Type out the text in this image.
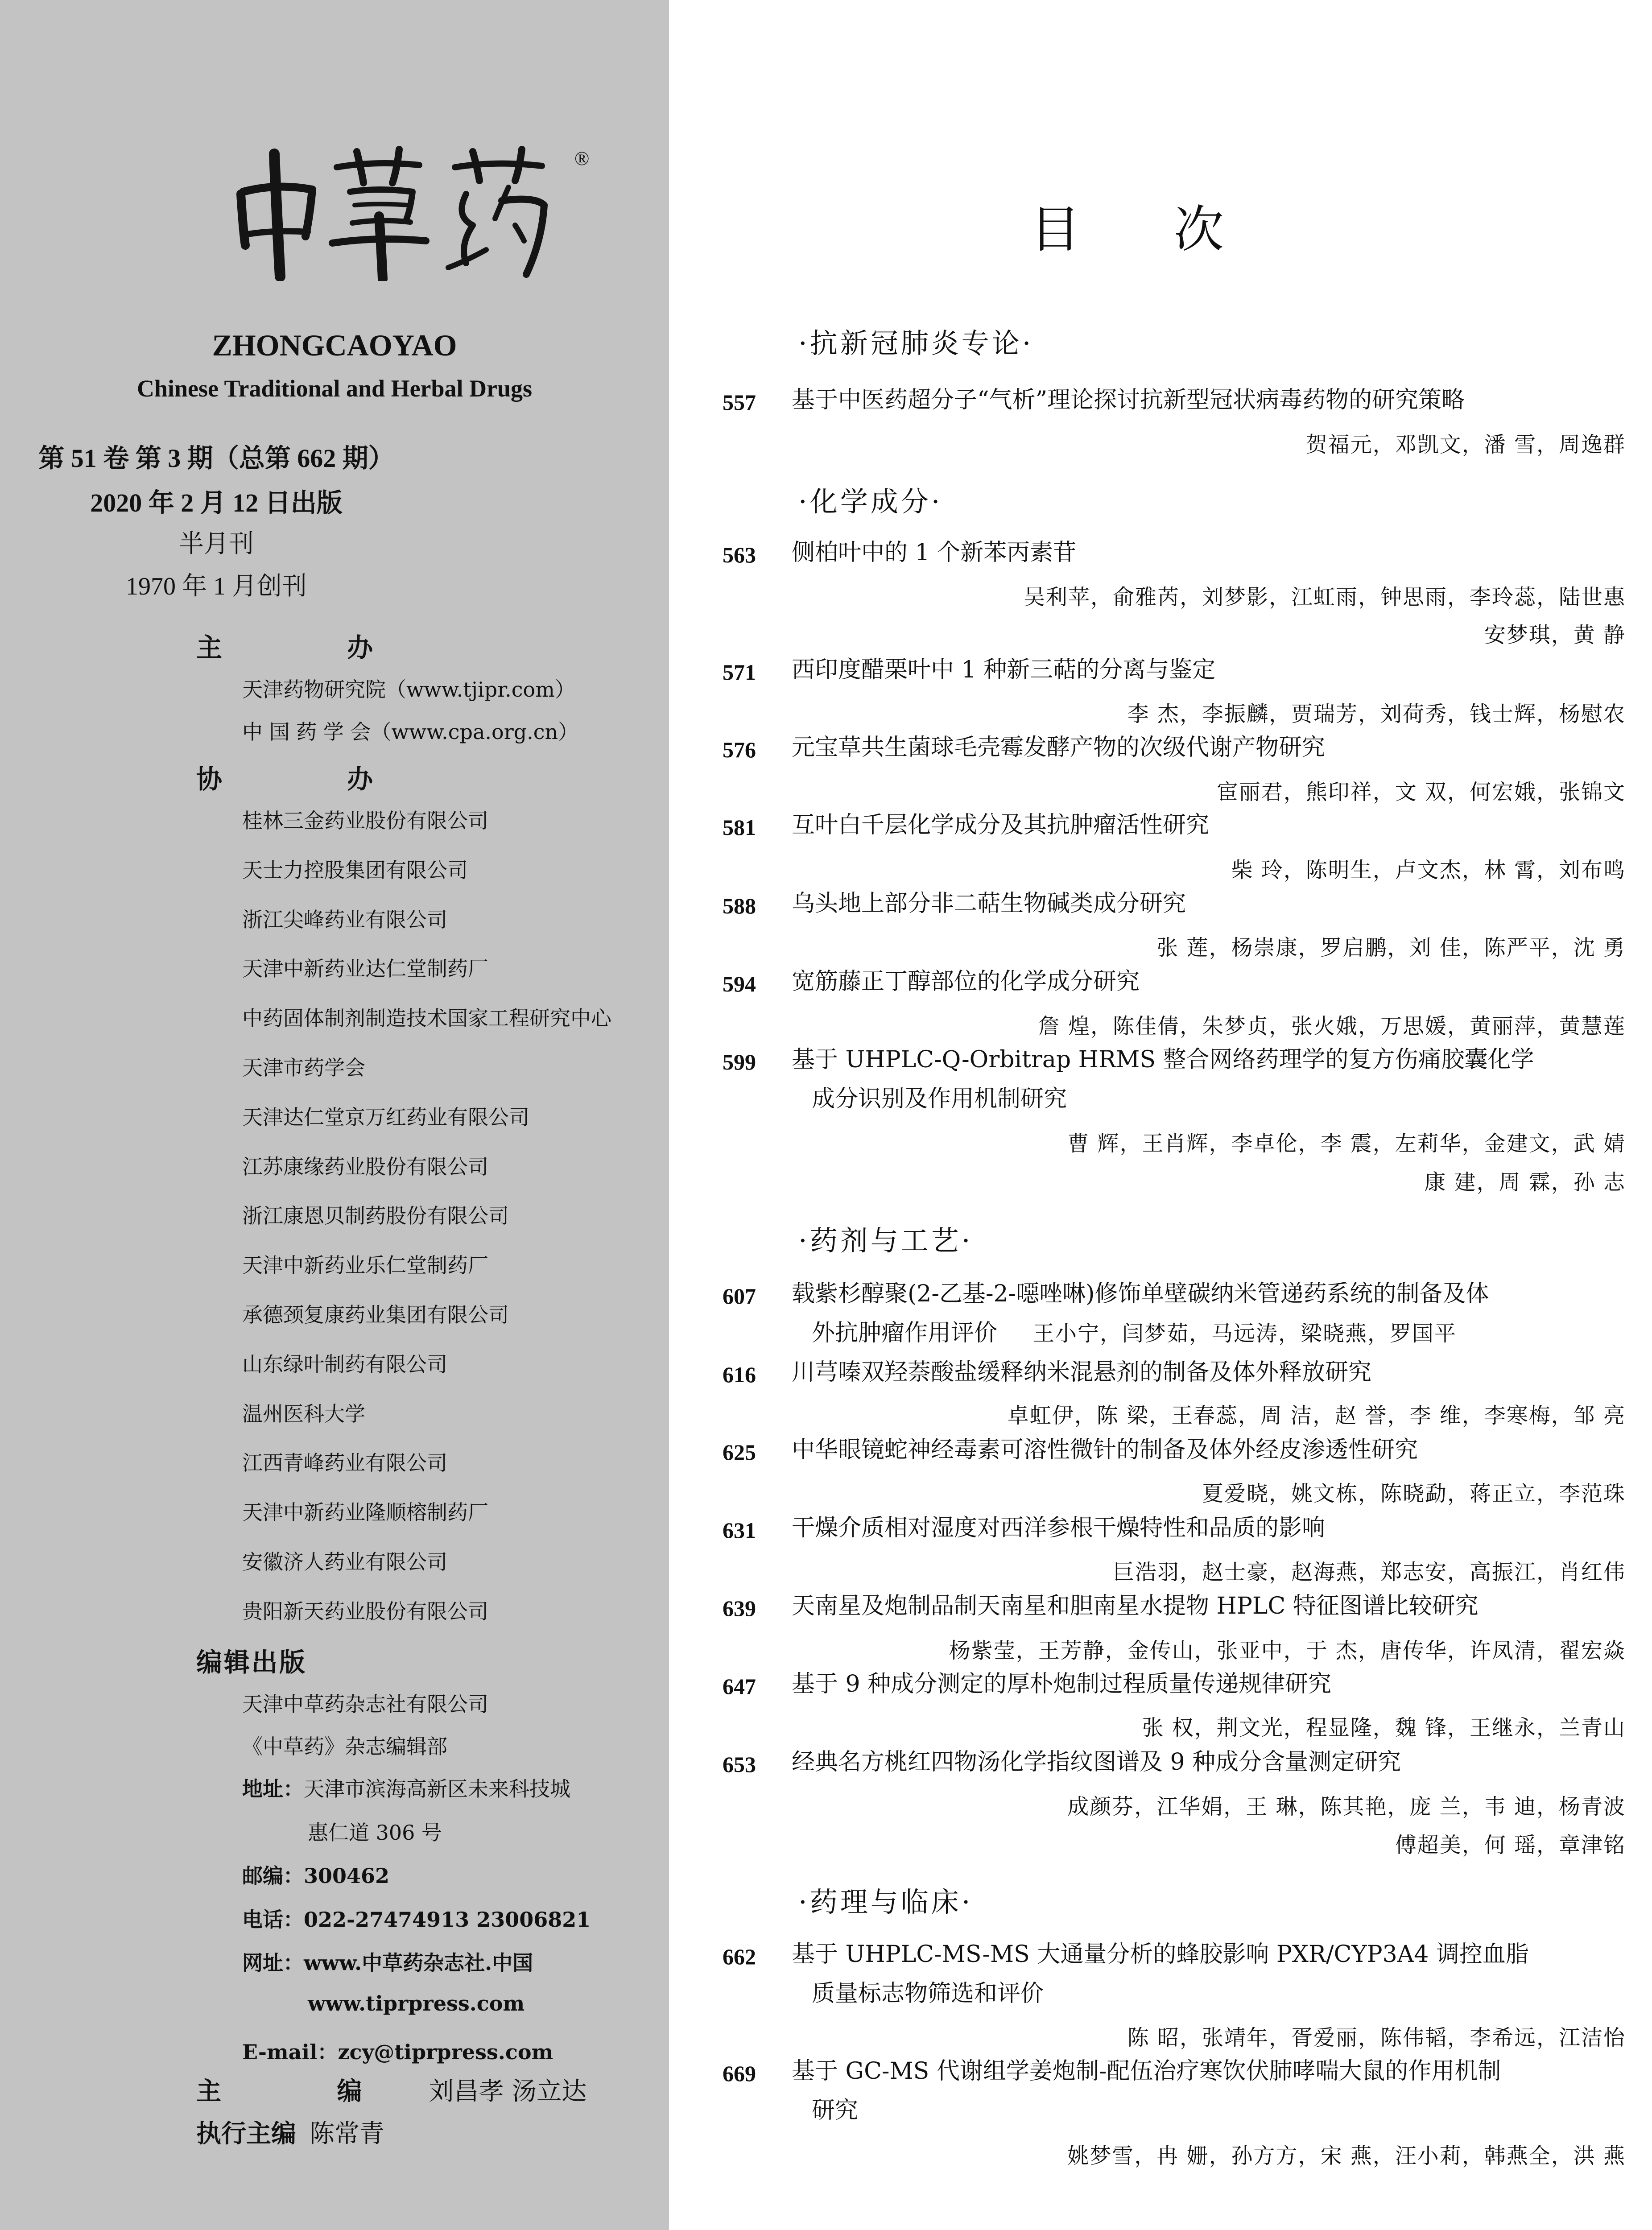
®
ZHONGCAOYAO
Chinese Traditional and Herbal Drugs
第 51 卷 第 3 期（总第 662 期）
2020 年 2 月 12 日出版
半月刊
1970 年 1 月创刊
主 办
天津药物研究院（www.tjipr.com）
中 国 药 学 会（www.cpa.org.cn）
协 办
桂林三金药业股份有限公司
天士力控股集团有限公司
浙江尖峰药业有限公司
天津中新药业达仁堂制药厂
中药固体制剂制造技术国家工程研究中心
天津市药学会
天津达仁堂京万红药业有限公司
江苏康缘药业股份有限公司
浙江康恩贝制药股份有限公司
天津中新药业乐仁堂制药厂
承德颈复康药业集团有限公司
山东绿叶制药有限公司
温州医科大学
江西青峰药业有限公司
天津中新药业隆顺榕制药厂
安徽济人药业有限公司
贵阳新天药业股份有限公司
编辑出版
天津中草药杂志社有限公司
《中草药》杂志编辑部
地址：天津市滨海高新区未来科技城
惠仁道 306 号
邮编：300462
电话：022-27474913 23006821
网址：www.中草药杂志社.中国
www.tiprpress.com
E-mail：zcy@tiprpress.com
主 编 刘昌孝 汤立达
执行主编 陈常青
目次
·抗新冠肺炎专论·
557	基于中医药超分子“气析”理论探讨抗新型冠状病毒药物的研究策略
贺福元，邓凯文，潘 雪，周逸群
·化学成分·
563	侧柏叶中的 1 个新苯丙素苷
吴利苹，俞雅芮，刘梦影，江虹雨，钟思雨，李玲蕊，陆世惠
安梦琪，黄 静
571	西印度醋栗叶中 1 种新三萜的分离与鉴定
李 杰，李振麟，贾瑞芳，刘荷秀，钱士辉，杨慰农
576	元宝草共生菌球毛壳霉发酵产物的次级代谢产物研究
宦丽君，熊印祥，文 双，何宏娥，张锦文
581	互叶白千层化学成分及其抗肿瘤活性研究
柴 玲，陈明生，卢文杰，林 霄，刘布鸣
588	乌头地上部分非二萜生物碱类成分研究
张 莲，杨崇康，罗启鹏，刘 佳，陈严平，沈 勇
594	宽筋藤正丁醇部位的化学成分研究
詹 煌，陈佳倩，朱梦贞，张火娥，万思媛，黄丽萍，黄慧莲
599	基于 UHPLC-Q-Orbitrap HRMS 整合网络药理学的复方伤痛胶囊化学
成分识别及作用机制研究
曹 辉，王肖辉，李卓伦，李 震，左莉华，金建文，武 婧
康 建，周 霖，孙 志
·药剂与工艺·
607	载紫杉醇聚(2-乙基-2-噁唑啉)修饰单壁碳纳米管递药系统的制备及体
外抗肿瘤作用评价 王小宁，闫梦茹，马远涛，梁晓燕，罗国平
616	川芎嗪双羟萘酸盐缓释纳米混悬剂的制备及体外释放研究
卓虹伊，陈 梁，王春蕊，周 洁，赵 誉，李 维，李寒梅，邹 亮
625	中华眼镜蛇神经毒素可溶性微针的制备及体外经皮渗透性研究
夏爱晓，姚文栋，陈晓勐，蒋正立，李范珠
631	干燥介质相对湿度对西洋参根干燥特性和品质的影响
巨浩羽，赵士豪，赵海燕，郑志安，高振江，肖红伟
639	天南星及炮制品制天南星和胆南星水提物 HPLC 特征图谱比较研究
杨紫莹，王芳静，金传山，张亚中，于 杰，唐传华，许凤清，翟宏焱
647	基于 9 种成分测定的厚朴炮制过程质量传递规律研究
张 权，荆文光，程显隆，魏 锋，王继永，兰青山
653	经典名方桃红四物汤化学指纹图谱及 9 种成分含量测定研究
成颜芬，江华娟，王 琳，陈其艳，庞 兰，韦 迪，杨青波
傅超美，何 瑶，章津铭
·药理与临床·
662	基于 UHPLC-MS-MS 大通量分析的蜂胶影响 PXR/CYP3A4 调控血脂
质量标志物筛选和评价
陈 昭，张靖年，胥爱丽，陈伟韬，李希远，江洁怡
669	基于 GC-MS 代谢组学姜炮制-配伍治疗寒饮伏肺哮喘大鼠的作用机制
研究
姚梦雪，冉 姗，孙方方，宋 燕，汪小莉，韩燕全，洪 燕
